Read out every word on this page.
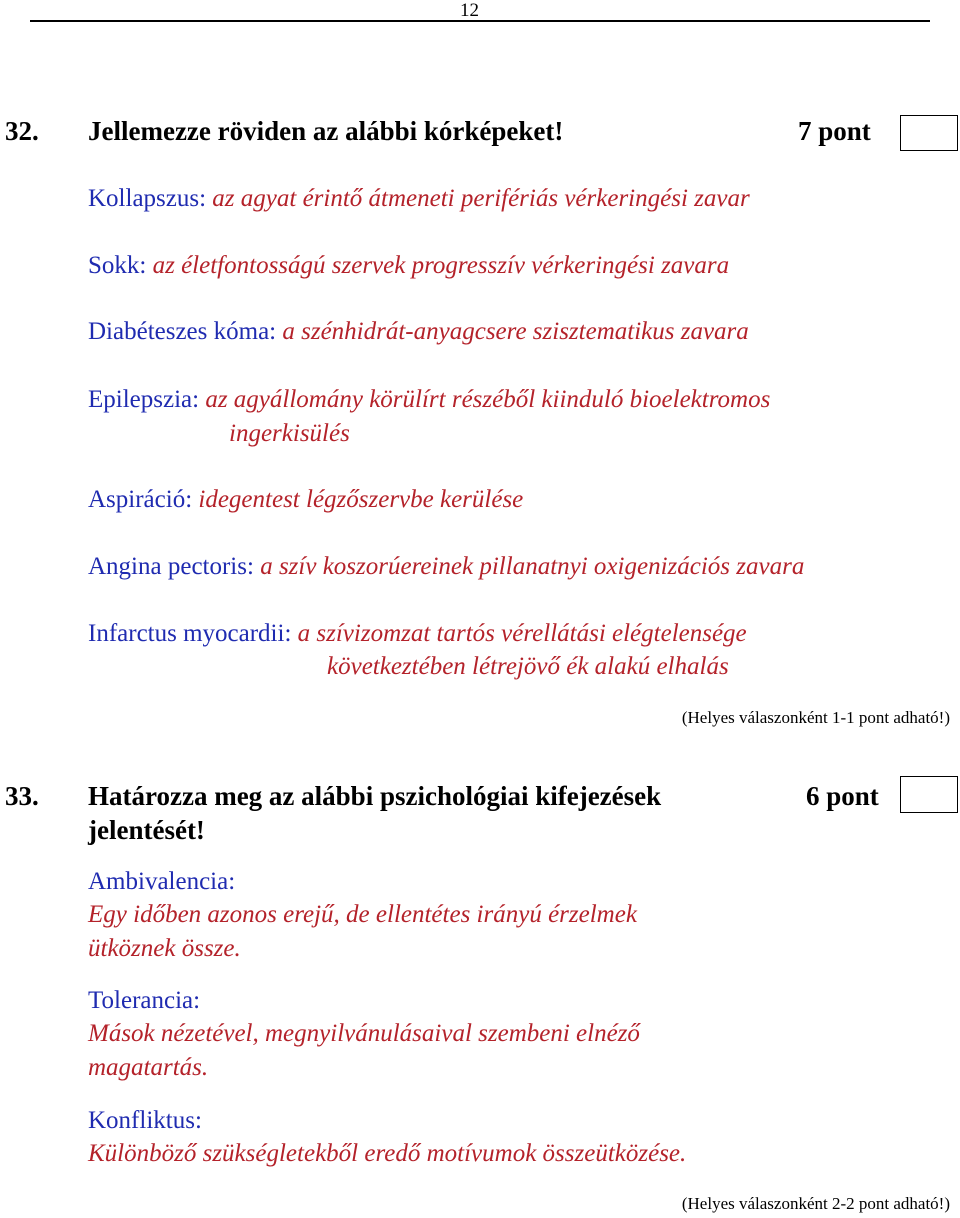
12
32. Jellemezze röviden az alábbi kórképeket!	7 pont
Kollapszus: az agyat érintő átmeneti perifériás vérkeringési zavar
Sokk: az életfontosságú szervek progresszív vérkeringési zavara
Diabéteszes kóma: a szénhidrát-anyagcsere szisztematikus zavara
Epilepszia: az agyállomány körülírt részéből kiinduló bioelektromos
ingerkisülés
Aspiráció: idegentest légzőszervbe kerülése
Angina pectoris: a szív koszorúereinek pillanatnyi oxigenizációs zavara
Infarctus myocardii: a szívizomzat tartós vérellátási elégtelensége
következtében létrejövő ék alakú elhalás
(Helyes válaszonként 1-1 pont adható!)
33. Határozza meg az alábbi pszichológiai kifejezések
jelentését!
6 pont
Ambivalencia:
Egy időben azonos erejű, de ellentétes irányú érzelmek
ütköznek össze.
Tolerancia:
Mások nézetével, megnyilvánulásaival szembeni elnéző
magatartás.
Konfliktus:
Különböző szükségletekből eredő motívumok összeütközése.
(Helyes válaszonként 2-2 pont adható!)
